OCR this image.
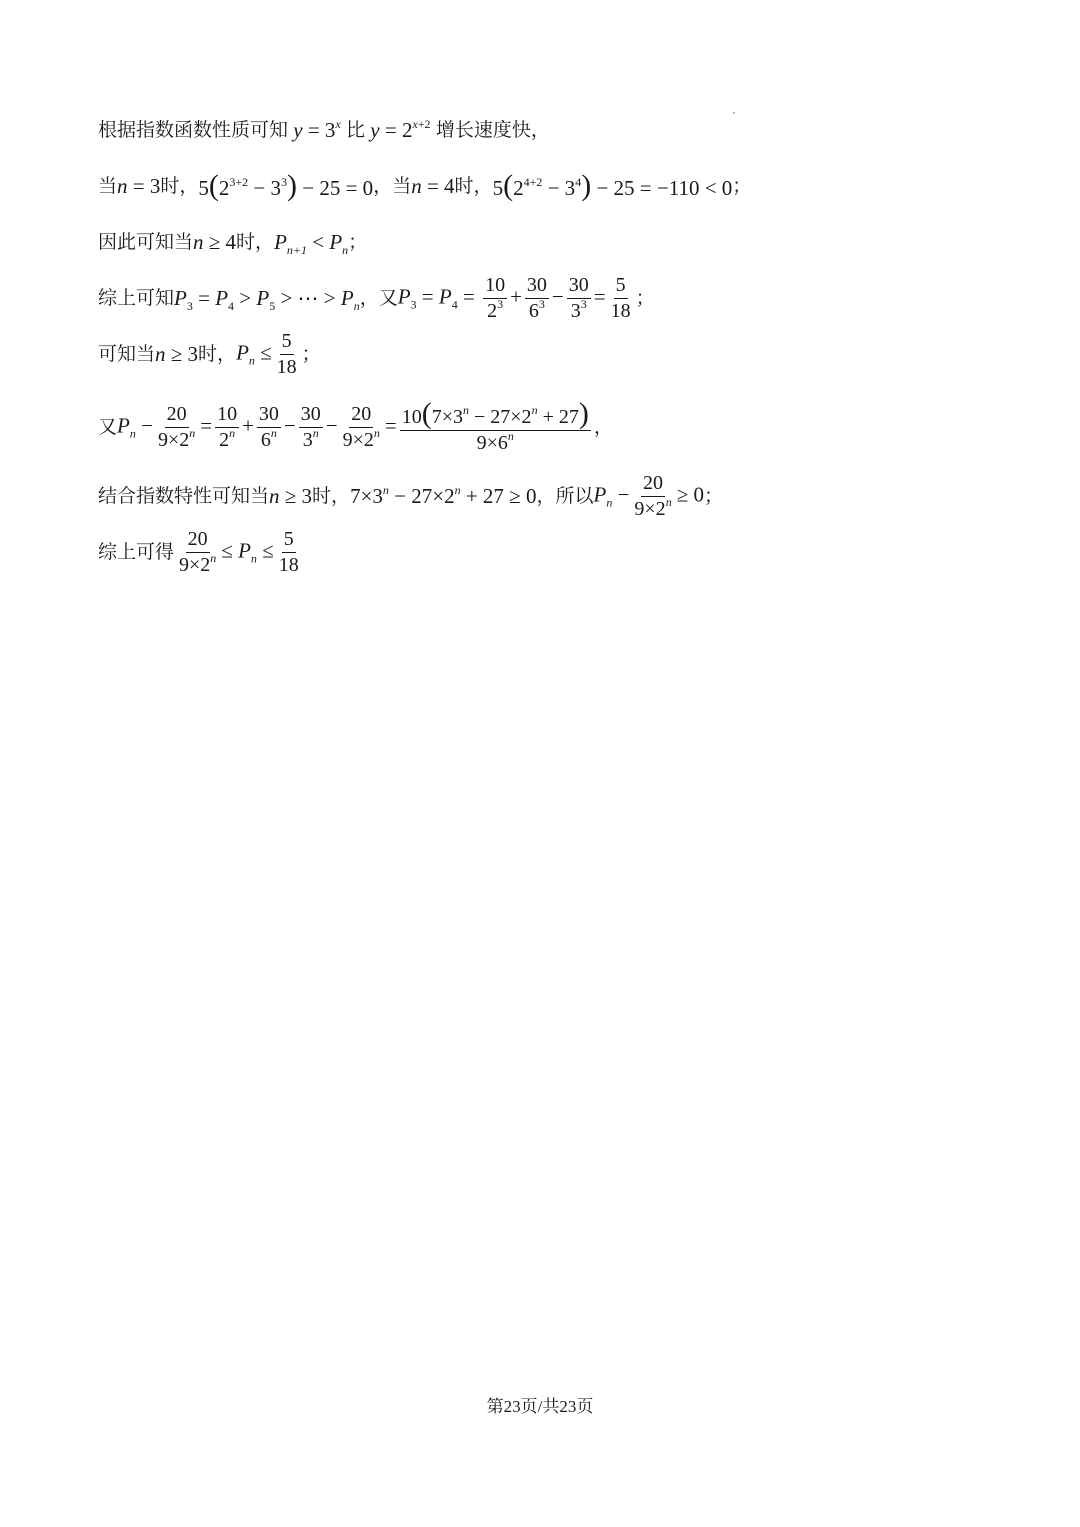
根据指数函数性质可知 $y = 3^x$ 比 $y = 2^{x+2}$ 增长速度快，
当 n = 3 时， $5(2^{3+2} - 3^3) - 25 = 0$ ，当 n = 4 时， $5(2^{4+2} - 3^4) - 25 = -110 < 0$ ；
因此可知当 n ≥ 4 时， $P_{n+1} < P_n$ ；
综上可知 $P_3 = P_4 > P_5$ > ⋯ > $P_n$ ，又 $P_3 = P_4 = \frac{10}{2^3} + \frac{30}{6^3} - \frac{30}{3^3} = \frac{5}{18}$ ；
可知当 n ≥ 3 时， $P_n \le \frac{5}{18}$ ；
又 $P_n - \frac{20}{9\times 2^n} = \frac{10}{2^n} + \frac{30}{6^n} - \frac{30}{3^n} - \frac{20}{9\times 2^n} = \frac{10(7\times 3^n - 27\times 2^n + 27)}{9\times 6^n}$ ，
结合指数特性可知当 n ≥ 3 时， $7\times 3^n - 27\times 2^n + 27 \ge 0$ ，所以 $P_n - \frac{20}{9\times 2^n} \ge 0$ ；
综上可得 $\frac{20}{9\times 2^n} \le P_n \le \frac{5}{18}$
第23页/共23页
